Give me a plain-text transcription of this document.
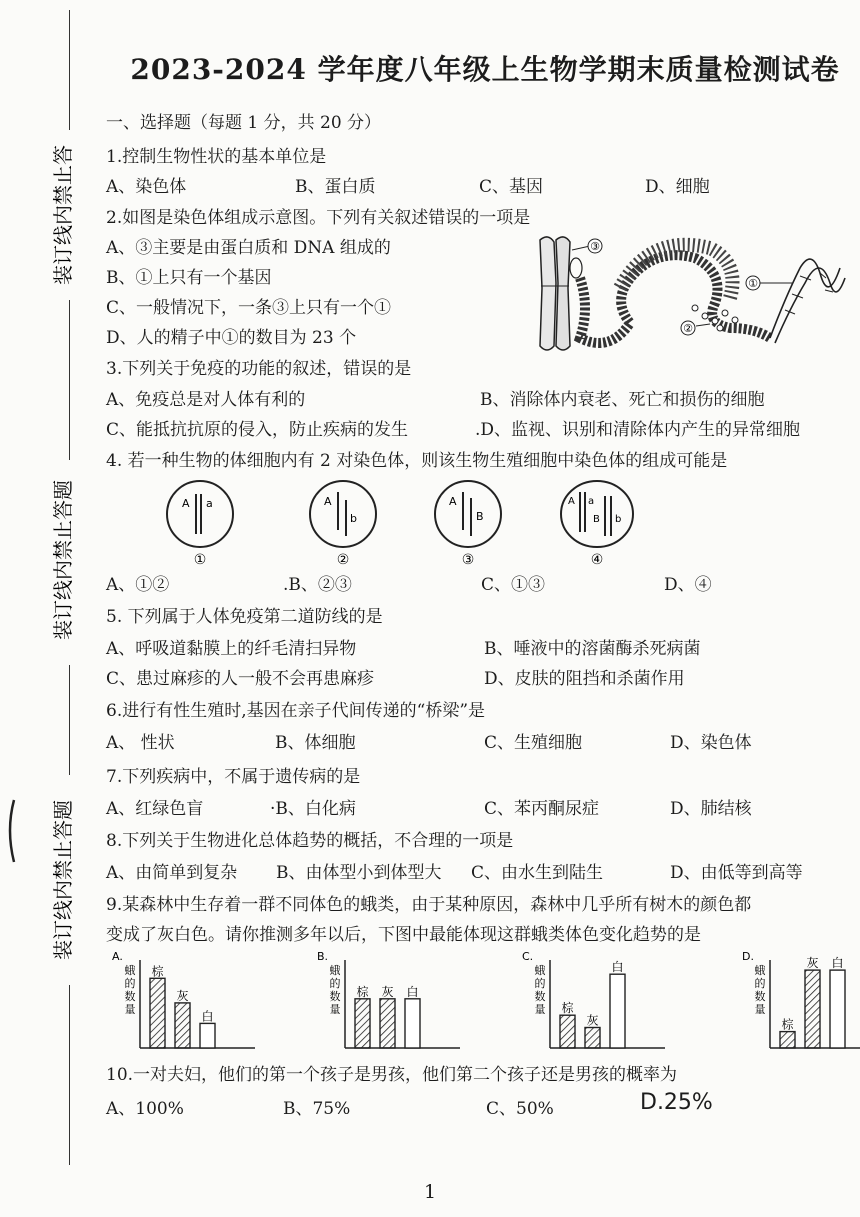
装订线内禁止答
装订线内禁止答题
装订线内禁止答题
2023-2024 学年度八年级上生物学期末质量检测试卷
一、选择题（每题 1 分，共 20 分）
1.控制生物性状的基本单位是
A、染色体	B、蛋白质	C、基因	D、细胞
2.如图是染色体组成示意图。下列有关叙述错误的一项是
A、③主要是由蛋白质和 DNA 组成的
B、①上只有一个基因
C、一般情况下，一条③上只有一个①
D、人的精子中①的数目为 23 个
③
①
②
3.下列关于免疫的功能的叙述，错误的是
A、免疫总是对人体有利的	B、消除体内衰老、死亡和损伤的细胞
C、能抵抗抗原的侵入，防止疾病的发生	.D、监视、识别和清除体内产生的异常细胞
4. 若一种生物的体细胞内有 2 对染色体，则该生物生殖细胞中染色体的组成可能是
A a
①
A
b
②
A
B
③
A a
B b
④
A、①②	.B、②③	C、①③	D、④
5. 下列属于人体免疫第二道防线的是
A、呼吸道黏膜上的纤毛清扫异物	B、唾液中的溶菌酶杀死病菌
C、患过麻疹的人一般不会再患麻疹	D、皮肤的阻挡和杀菌作用
6.进行有性生殖时,基因在亲子代间传递的“桥梁”是
A、 性状	B、体细胞	C、生殖细胞	D、染色体
7.下列疾病中，不属于遗传病的是
A、红绿色盲	·B、白化病	C、苯丙酮尿症	D、肺结核
8.下列关于生物进化总体趋势的概括，不合理的一项是
A、由简单到复杂 B、由体型小到体型大 C、由水生到陆生	D、由低等到高等
9.某森林中生存着一群不同体色的蛾类，由于某种原因，森林中几乎所有树木的颜色都
变成了灰白色。请你推测多年以后，下图中最能体现这群蛾类体色变化趋势的是
A.
蛾的数量
棕
灰
白
B.
蛾的数量
棕 灰 白
C.
蛾的数量 棕
灰
白
D.
蛾的数量
棕
灰 白
10.一对夫妇，他们的第一个孩子是男孩，他们第二个孩子还是男孩的概率为
A、100%	B、75%	C、50%	D.25%
1
